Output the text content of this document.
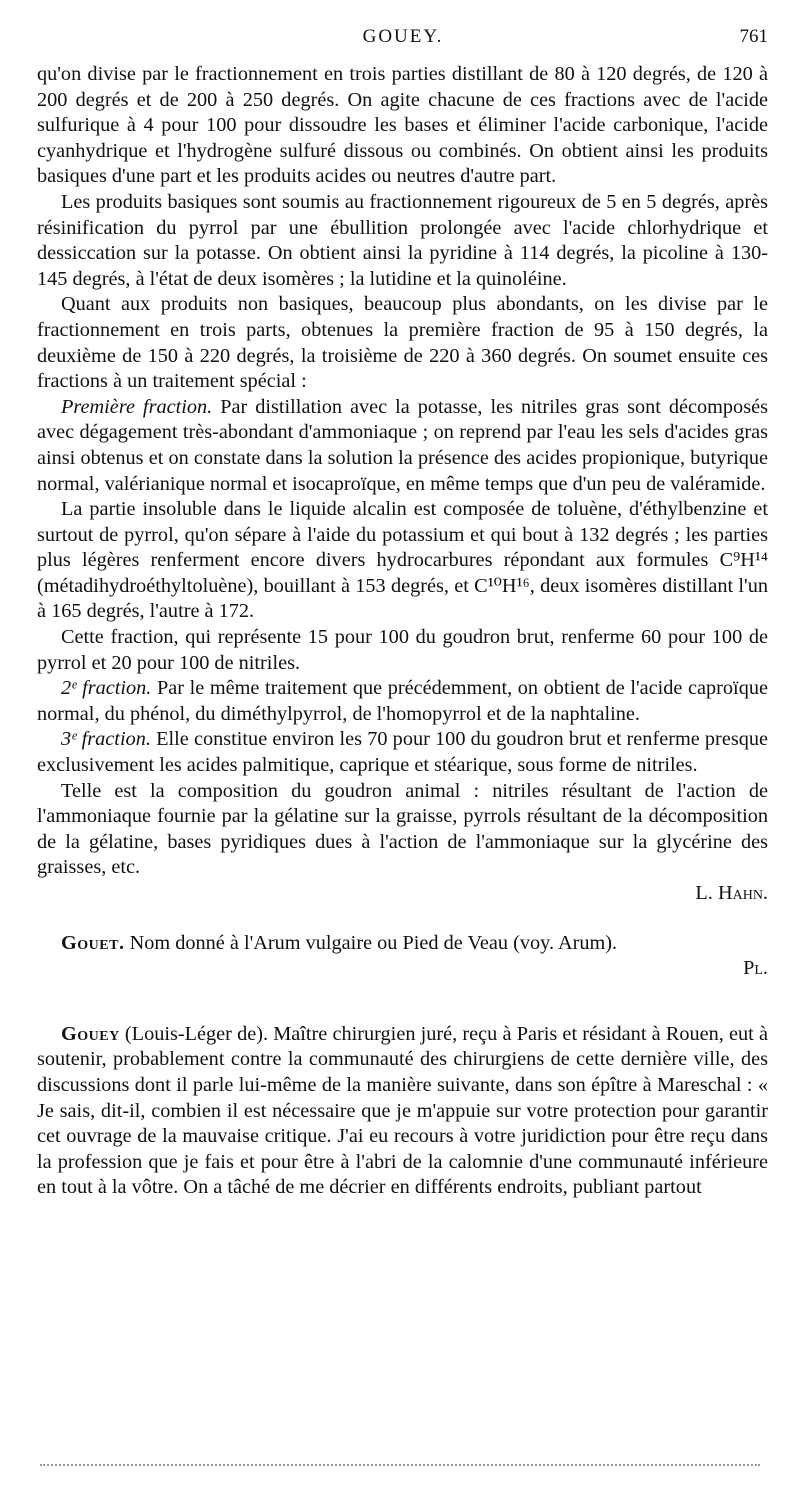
GOUEY.	761

qu'on divise par le fractionnement en trois parties distillant de 80 à 120 degrés, de 120 à 200 degrés et de 200 à 250 degrés. On agite chacune de ces fractions avec de l'acide sulfurique à 4 pour 100 pour dissoudre les bases et éliminer l'acide carbonique, l'acide cyanhydrique et l'hydrogène sulfuré dissous ou combinés. On obtient ainsi les produits basiques d'une part et les produits acides ou neutres d'autre part.

Les produits basiques sont soumis au fractionnement rigoureux de 5 en 5 degrés, après résinification du pyrrol par une ébullition prolongée avec l'acide chlorhydrique et dessiccation sur la potasse. On obtient ainsi la pyridine à 114 degrés, la picoline à 130-145 degrés, à l'état de deux isomères ; la lutidine et la quinoléine.

Quant aux produits non basiques, beaucoup plus abondants, on les divise par le fractionnement en trois parts, obtenues la première fraction de 95 à 150 degrés, la deuxième de 150 à 220 degrés, la troisième de 220 à 360 degrés. On soumet ensuite ces fractions à un traitement spécial :

Première fraction. Par distillation avec la potasse, les nitriles gras sont décomposés avec dégagement très-abondant d'ammoniaque ; on reprend par l'eau les sels d'acides gras ainsi obtenus et on constate dans la solution la présence des acides propionique, butyrique normal, valérianique normal et isocaproïque, en même temps que d'un peu de valéramide.

La partie insoluble dans le liquide alcalin est composée de toluène, d'éthylbenzine et surtout de pyrrol, qu'on sépare à l'aide du potassium et qui bout à 132 degrés ; les parties plus légères renferment encore divers hydrocarbures répondant aux formules C⁹H¹⁴ (métadihydroéthyltoluène), bouillant à 153 degrés, et C¹⁰H¹⁶, deux isomères distillant l'un à 165 degrés, l'autre à 172.

Cette fraction, qui représente 15 pour 100 du goudron brut, renferme 60 pour 100 de pyrrol et 20 pour 100 de nitriles.

2ᵉ fraction. Par le même traitement que précédemment, on obtient de l'acide caproïque normal, du phénol, du diméthylpyrrol, de l'homopyrrol et de la naphtaline.

3ᵉ fraction. Elle constitue environ les 70 pour 100 du goudron brut et renferme presque exclusivement les acides palmitique, caprique et stéarique, sous forme de nitriles.

Telle est la composition du goudron animal : nitriles résultant de l'action de l'ammoniaque fournie par la gélatine sur la graisse, pyrrols résultant de la décomposition de la gélatine, bases pyridiques dues à l'action de l'ammoniaque sur la glycérine des graisses, etc.

L. Hahn.

Gouet. Nom donné à l'Arum vulgaire ou Pied de Veau (voy. Arum).

Pl.

Gouey (Louis-Léger de). Maître chirurgien juré, reçu à Paris et résidant à Rouen, eut à soutenir, probablement contre la communauté des chirurgiens de cette dernière ville, des discussions dont il parle lui-même de la manière suivante, dans son épître à Mareschal : « Je sais, dit-il, combien il est nécessaire que je m'appuie sur votre protection pour garantir cet ouvrage de la mauvaise critique. J'ai eu recours à votre juridiction pour être reçu dans la profession que je fais et pour être à l'abri de la calomnie d'une communauté inférieure en tout à la vôtre. On a tâché de me décrier en différents endroits, publiant partout
